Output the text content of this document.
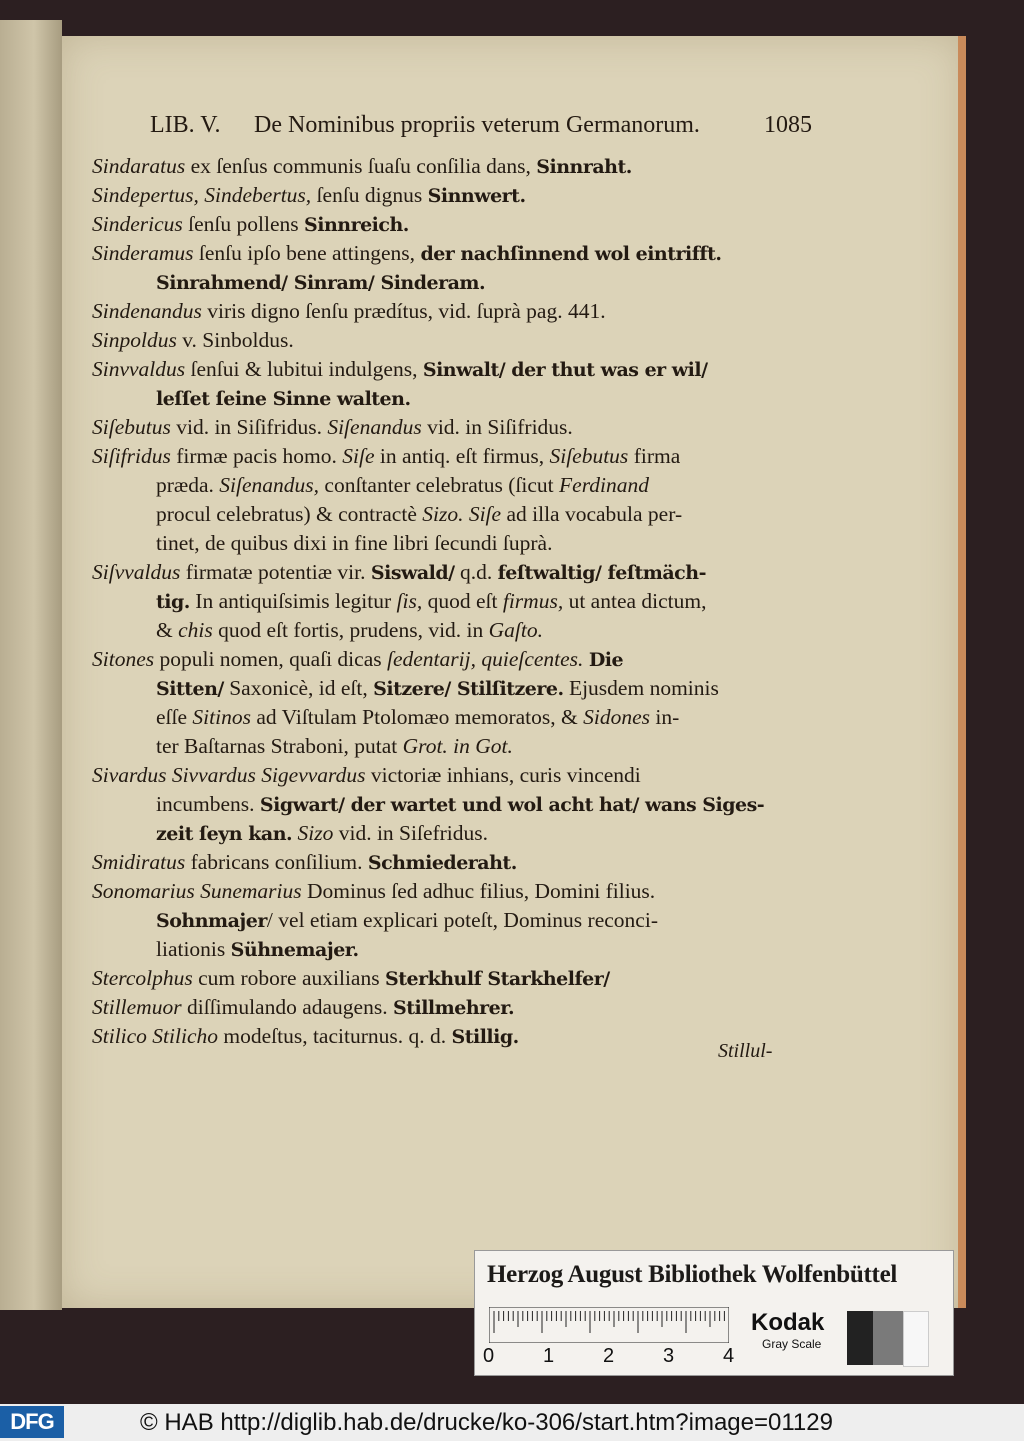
LIB. V. De Nominibus propriis veterum Germanorum.	1085
Sindaratus ex ſenſus communis ſuaſu conſilia dans, Sinnraht.
Sindepertus, Sindebertus, ſenſu dignus Sinnwert.
Sindericus ſenſu pollens Sinnreich.
Sinderamus ſenſu ipſo bene attingens, der nachſinnend wol eintrifft.
Sinrahmend/ Sinram/ Sinderam.
Sindenandus viris digno ſenſu prædítus, vid. ſuprà pag. 441.
Sinpoldus v. Sinboldus.
Sinvvaldus ſenſui & lubitui indulgens, Sinwalt/ der thut was er wil/
leſſet ſeine Sinne walten.
Siſebutus vid. in Siſifridus. Siſenandus vid. in Siſifridus.
Siſifridus firmæ pacis homo. Siſe in antiq. eſt firmus, Siſebutus firma
præda. Siſenandus, conſtanter celebratus (ſicut Ferdinand
procul celebratus) & contractè Sizo. Siſe ad illa vocabula per-
tinet, de quibus dixi in fine libri ſecundi ſuprà.
Siſvvaldus firmatæ potentiæ vir. Siswald/ q.d. feſtwaltig/ feſtmäch-
tig. In antiquiſsimis legitur ſis, quod eſt firmus, ut antea dictum,
& chis quod eſt fortis, prudens, vid. in Gaſto.
Sitones populi nomen, quaſi dicas ſedentarij, quieſcentes. Die
Sitten/ Saxonicè, id eſt, Sitzere/ Stilſitzere. Ejusdem nominis
eſſe Sitinos ad Viſtulam Ptolomæo memoratos, & Sidones in-
ter Baſtarnas Straboni, putat Grot. in Got.
Sivardus Sivvardus Sigevvardus victoriæ inhians, curis vincendi
incumbens. Sigwart/ der wartet und wol acht hat/ wans Siges-
zeit ſeyn kan. Sizo vid. in Siſefridus.
Smidiratus fabricans conſilium. Schmiederaht.
Sonomarius Sunemarius Dominus ſed adhuc filius, Domini filius.
Sohnmajer/ vel etiam explicari poteſt, Dominus reconci-
liationis Sühnemajer.
Stercolphus cum robore auxilians Sterkhulf Starkhelfer/
Stillemuor diſſimulando adaugens. Stillmehrer.
Stilico Stilicho modeſtus, taciturnus. q. d. Stillig.
Stillul-
Herzog August Bibliothek Wolfenbüttel
0 1 2 3 4
Kodak
Gray Scale
DFG	© HAB http://diglib.hab.de/drucke/ko-306/start.htm?image=01129
